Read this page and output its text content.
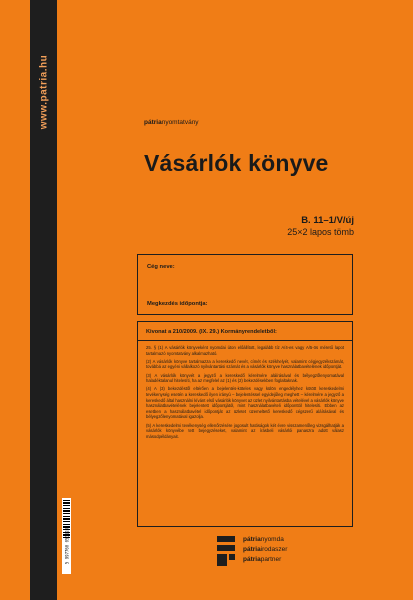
www.patria.hu
5 997760 050128
pátrianyomtatvány
Vásárlók könyve
B. 11–1/V/új
25×2 lapos tömb
Cég neve:
Megkezdés időpontja:
Kivonat a 210/2009. (IX. 29.) Kormányrendeletből:

25. § (1) A vásárlók könyveként nyomdai úton előállított, legalább tíz A/4-es vagy A/5-ös méretű lapot tartalmazó nyomtatvány alkalmazható.

(2) A vásárlók könyve tartalmazza a kereskedő nevét, címét és székhelyét, valamint cégjegyzékszámát, továbbá az egyéni vállalkozó nyilvántartási számát és a vásárlók könyve használatbavételének időpontját.

(3) A vásárlók könyvét a jegyző a kereskedő kérelmére aláírásával és bélyegzőlenyomatával haladéktalanul hitelesíti, ha az megfelel az (1) és (2) bekezdésekben foglaltaknak.

(4) A (3) bekezdéstől eltérően a bejelentés-köteles vagy külön engedélyhez kötött kereskedelmi tevékenység esetén a kereskedő ilyen irányú – bejelentéssel egyidejűleg meghett – kérelmére a jegyző a kereskedő által használni kívánt első vásárlók könyvet az üzlet nyilvántartásba vételével a vásárlók könyve használatbavételének bejelentett időpontjától, mint használatbavételi időponttól hitelesíti. Ebben az esetben a használatbavétel időpontját az üzletet üzemeltető kereskedő cégszerű aláírásával és bélyegzőlenyomatával igazolja.

(5) A kereskedelmi tevékenység ellenőrzésére jogosult hatóságok két évre visszamenőleg vizsgálhatják a vásárlók könyvébe tett bejegyzéseket, valamint az írásbeli vásárlói panaszra adott válasz másodpéldányait.

pátrianyomda
pátriairodaszer
pátriapartner
